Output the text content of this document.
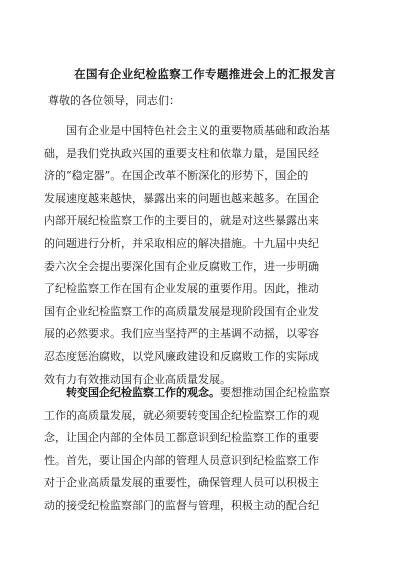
在国有企业纪检监察工作专题推进会上的汇报发言

尊敬的各位领导，同志们：

国有企业是中国特色社会主义的重要物质基础和政治基
础，是我们党执政兴国的重要支柱和依靠力量，是国民经
济的“稳定器”。在国企改革不断深化的形势下，国企的
发展速度越来越快，暴露出来的问题也越来越多。在国企
内部开展纪检监察工作的主要目的，就是对这些暴露出来
的问题进行分析，并采取相应的解决措施。十九届中央纪
委六次全会提出要深化国有企业反腐败工作，进一步明确
了纪检监察工作在国有企业发展的重要作用。因此，推动
国有企业纪检监察工作的高质量发展是现阶段国有企业发
展的必然要求。我们应当坚持严的主基调不动摇，以零容
忍态度惩治腐败，以党风廉政建设和反腐败工作的实际成
效有力有效推动国有企业高质量发展。
转变国企纪检监察工作的观念。要想推动国企纪检监察
工作的高质量发展，就必须要转变国企纪检监察工作的观
念，让国企内部的全体员工都意识到纪检监察工作的重要
性。首先，要让国企内部的管理人员意识到纪检监察工作
对于企业高质量发展的重要性，确保管理人员可以积极主
动的接受纪检监察部门的监督与管理，积极主动的配合纪
